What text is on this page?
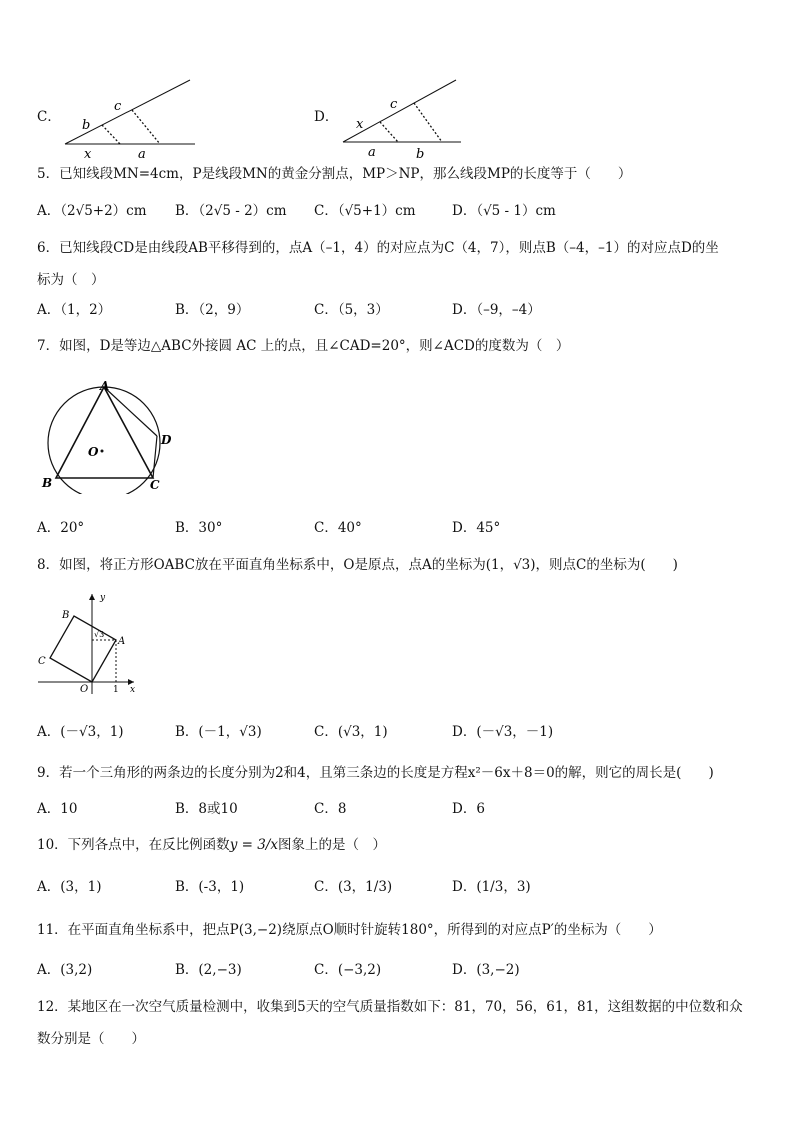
C．
b
c
x	a
D． x
c
a	b
5．已知线段MN=4cm，P是线段MN的黄金分割点，MP＞NP，那么线段MP的长度等于（　　）
A．（2√5+2）cm B．（2√5 - 2）cm C．（√5+1）cm	D．（√5 - 1）cm
6．已知线段CD是由线段AB平移得到的，点A（–1，4）的对应点为C（4，7），则点B（–4，–1）的对应点D的坐
标为（　）
A．（1，2）	B．（2，9）	C．（5，3）	D．（–9，–4）
7．如图，D是等边△ABC外接圆 AC 上的点，且∠CAD=20°，则∠ACD的度数为（　）
A
B	C
D
O
A．20°	B．30°	C．40°	D．45°
8．如图，将正方形OABC放在平面直角坐标系中，O是原点，点A的坐标为(1，√3)，则点C的坐标为(　　)
B
A
C
O
y
x
1
√3
A．(－√3，1)	B．(－1，√3)	C．(√3，1)	D．(－√3，－1)
9．若一个三角形的两条边的长度分别为2和4，且第三条边的长度是方程x²－6x＋8＝0的解，则它的周长是(　　)
A．10	B．8或10	C．8	D．6
10．下列各点中，在反比例函数y = 3/x图象上的是（　）
A．(3，1)	B．(-3，1)	C．(3，1/3)	D．(1/3，3)
11．在平面直角坐标系中，把点P(3,−2)绕原点O顺时针旋转180°，所得到的对应点P′的坐标为（　　）
A．(3,2)	B．(2,−3)	C．(−3,2)	D．(3,−2)
12．某地区在一次空气质量检测中，收集到5天的空气质量指数如下：81，70，56，61，81，这组数据的中位数和众
数分别是（　　）
